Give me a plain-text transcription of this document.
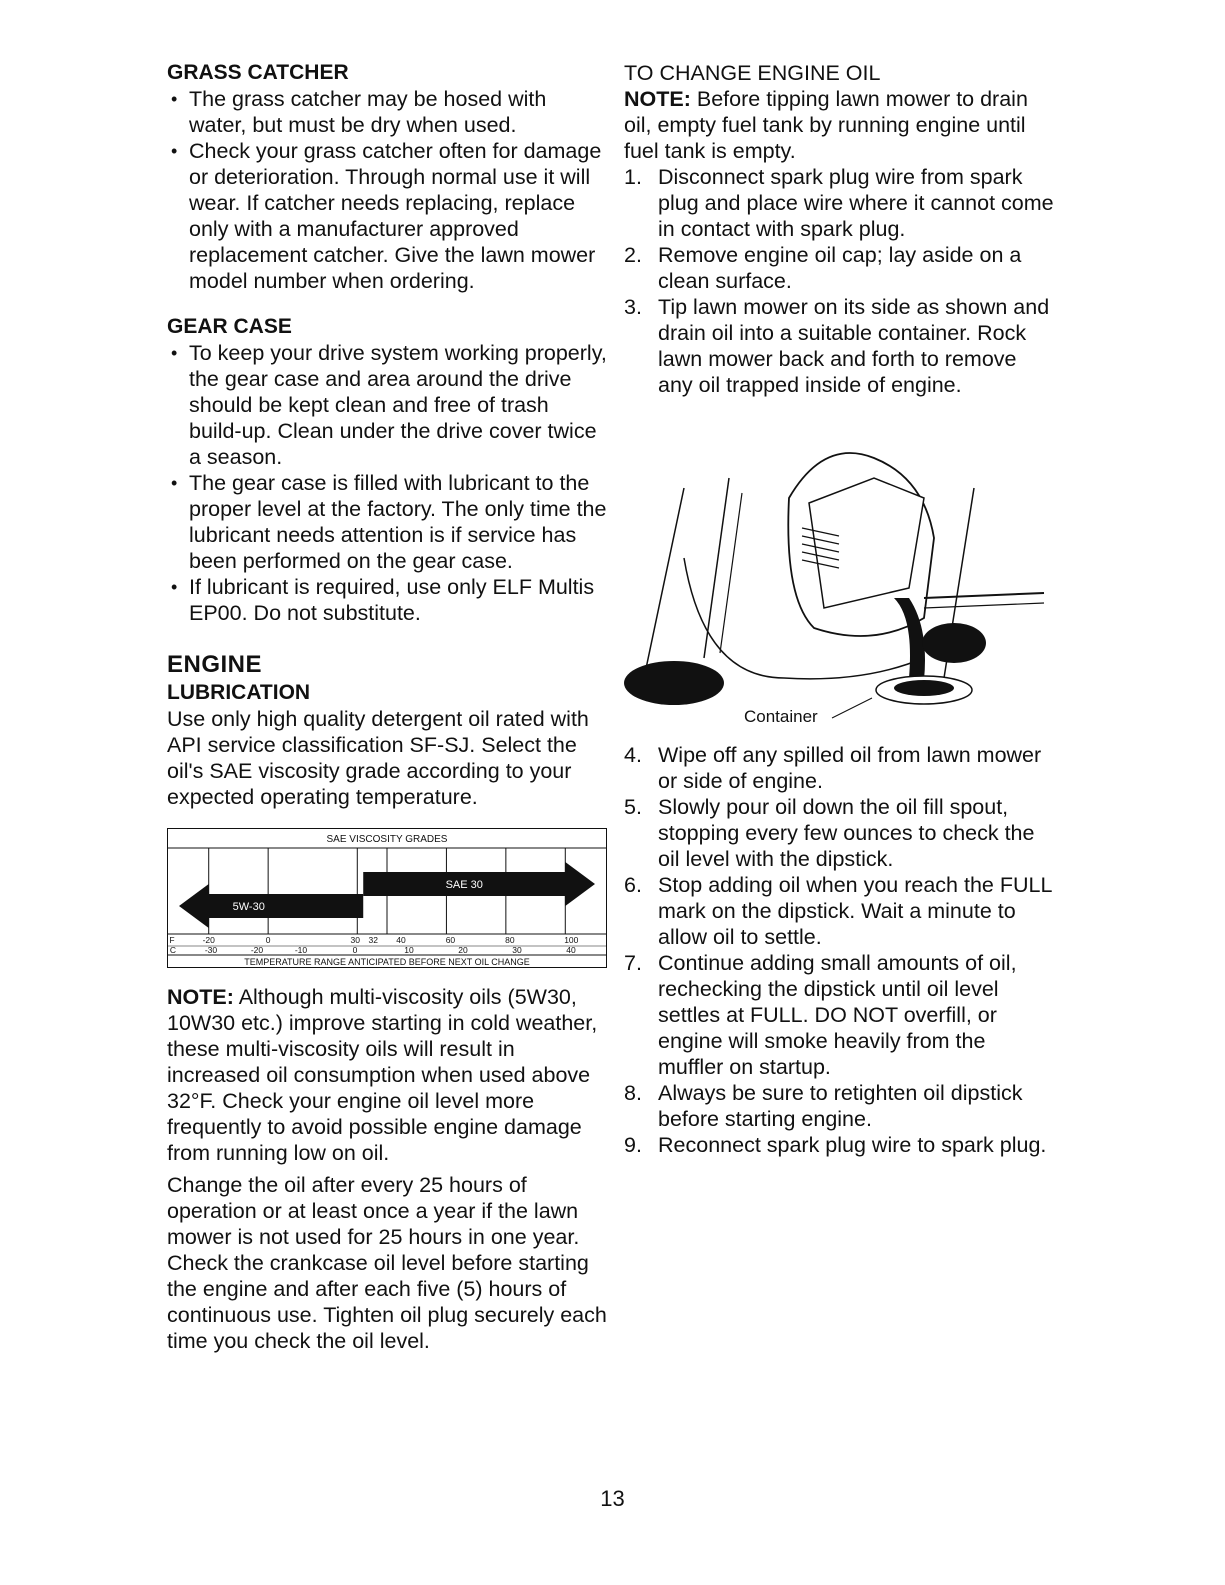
GRASS CATCHER
• The grass catcher may be hosed with water, but must be dry when used.
• Check your grass catcher often for damage or deterioration. Through normal use it will wear. If catcher needs replacing, replace only with a manufacturer approved replacement catcher. Give the lawn mower model number when ordering.
GEAR CASE
• To keep your drive system working properly, the gear case and area around the drive should be kept clean and free of trash build-up. Clean under the drive cover twice a season.
• The gear case is filled with lubricant to the proper level at the factory. The only time the lubricant needs attention is if service has been performed on the gear case.
• If lubricant is required, use only ELF Multis EP00. Do not substitute.
ENGINE
LUBRICATION

Use only high quality detergent oil rated with API service classification SF-SJ. Select the oil's SAE viscosity grade according to your expected operating temperature.

SAE VISCOSITY GRADES
SAE 30
5W-30
F	-20	0	30 32 40	60	80	100
C	-30	-20	-10	0	10	20	30	40
TEMPERATURE RANGE ANTICIPATED BEFORE NEXT OIL CHANGE

NOTE: Although multi-viscosity oils (5W30, 10W30 etc.) improve starting in cold weather, these multi-viscosity oils will result in increased oil consumption when used above 32°F. Check your engine oil level more frequently to avoid possible engine damage from running low on oil.

Change the oil after every 25 hours of operation or at least once a year if the lawn mower is not used for 25 hours in one year.

Check the crankcase oil level before starting the engine and after each five (5) hours of continuous use. Tighten oil plug securely each time you check the oil level.

TO CHANGE ENGINE OIL

NOTE: Before tipping lawn mower to drain oil, empty fuel tank by running engine until fuel tank is empty.

1. Disconnect spark plug wire from spark plug and place wire where it cannot come in contact with spark plug.
2. Remove engine oil cap; lay aside on a clean surface.
3. Tip lawn mower on its side as shown and drain oil into a suitable container. Rock lawn mower back and forth to remove any oil trapped inside of engine.
Container
4. Wipe off any spilled oil from lawn mower or side of engine.
5. Slowly pour oil down the oil fill spout, stopping every few ounces to check the oil level with the dipstick.
6. Stop adding oil when you reach the FULL mark on the dipstick. Wait a minute to allow oil to settle.
7. Continue adding small amounts of oil, rechecking the dipstick until oil level settles at FULL. DO NOT overfill, or engine will smoke heavily from the muffler on startup.
8. Always be sure to retighten oil dipstick before starting engine.
9. Reconnect spark plug wire to spark plug.
13
